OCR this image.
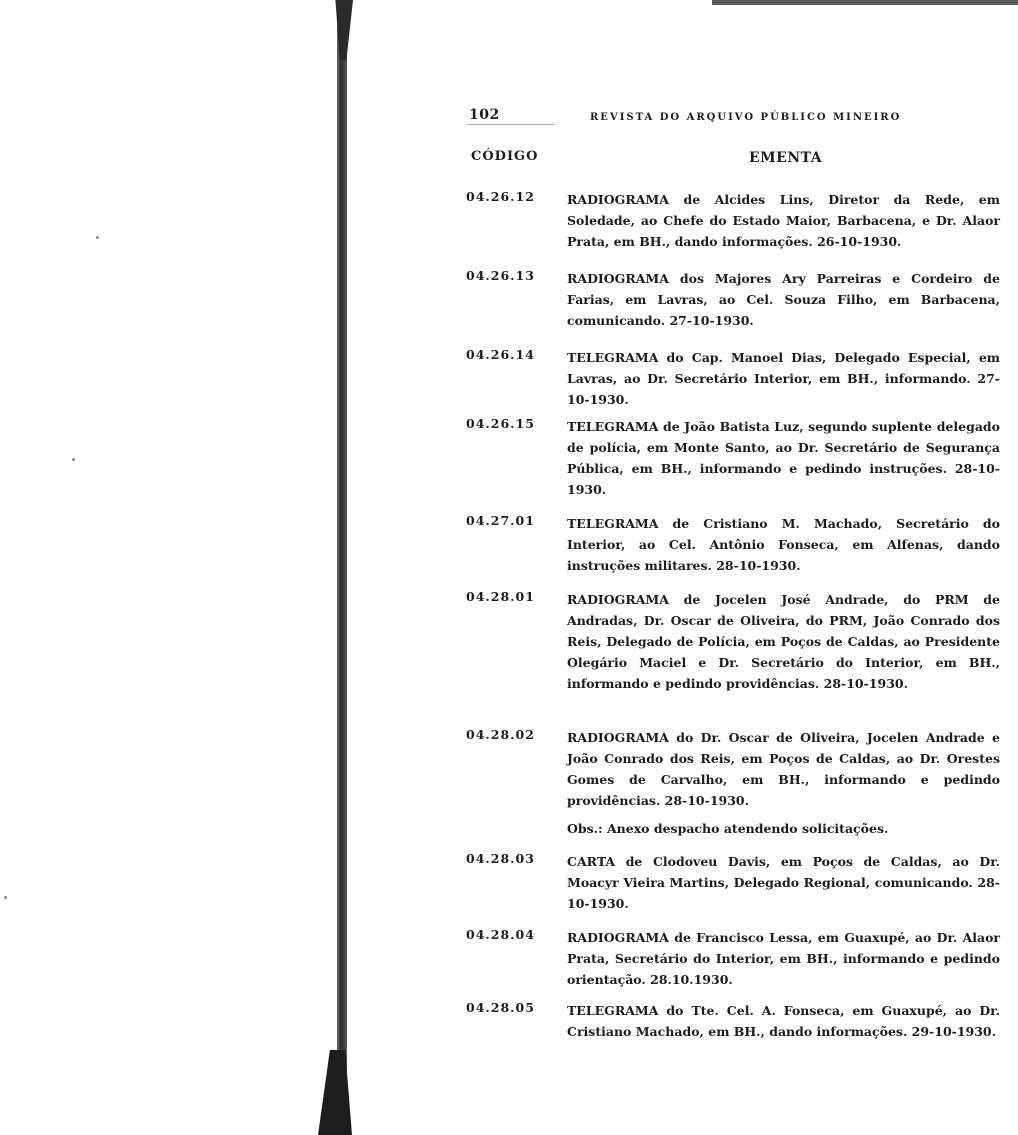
102	REVISTA DO ARQUIVO PÚBLICO MINEIRO
CÓDIGO	EMENTA
04.26.12	RADIOGRAMA de Alcides Lins, Diretor da Rede, em Soledade, ao Chefe do Estado Maior, Barbacena, e Dr. Alaor Prata, em BH., dando informações. 26-10-1930.
04.26.13	RADIOGRAMA dos Majores Ary Parreiras e Cordeiro de Farias, em Lavras, ao Cel. Souza Filho, em Barbacena, comunicando. 27-10-1930.
04.26.14	TELEGRAMA do Cap. Manoel Dias, Delegado Especial, em Lavras, ao Dr. Secretário Interior, em BH., informando. 27-10-1930.
04.26.15	TELEGRAMA de João Batista Luz, segundo suplente delegado de polícia, em Monte Santo, ao Dr. Secretário de Segurança Pública, em BH., informando e pedindo instruções. 28-10-1930.
04.27.01	TELEGRAMA de Cristiano M. Machado, Secretário do Interior, ao Cel. Antônio Fonseca, em Alfenas, dando instruções militares. 28-10-1930.
04.28.01	RADIOGRAMA de Jocelen José Andrade, do PRM de Andradas, Dr. Oscar de Oliveira, do PRM, João Conrado dos Reis, Delegado de Polícia, em Poços de Caldas, ao Presidente Olegário Maciel e Dr. Secretário do Interior, em BH., informando e pedindo providências. 28-10-1930.
04.28.02	RADIOGRAMA do Dr. Oscar de Oliveira, Jocelen Andrade e João Conrado dos Reis, em Poços de Caldas, ao Dr. Orestes Gomes de Carvalho, em BH., informando e pedindo providências. 28-10-1930.
Obs.: Anexo despacho atendendo solicitações.
04.28.03	CARTA de Clodoveu Davis, em Poços de Caldas, ao Dr. Moacyr Vieira Martins, Delegado Regional, comunicando. 28-10-1930.
04.28.04	RADIOGRAMA de Francisco Lessa, em Guaxupé, ao Dr. Alaor Prata, Secretário do Interior, em BH., informando e pedindo orientação. 28.10.1930.
04.28.05	TELEGRAMA do Tte. Cel. A. Fonseca, em Guaxupé, ao Dr. Cristiano Machado, em BH., dando informações. 29-10-1930.
